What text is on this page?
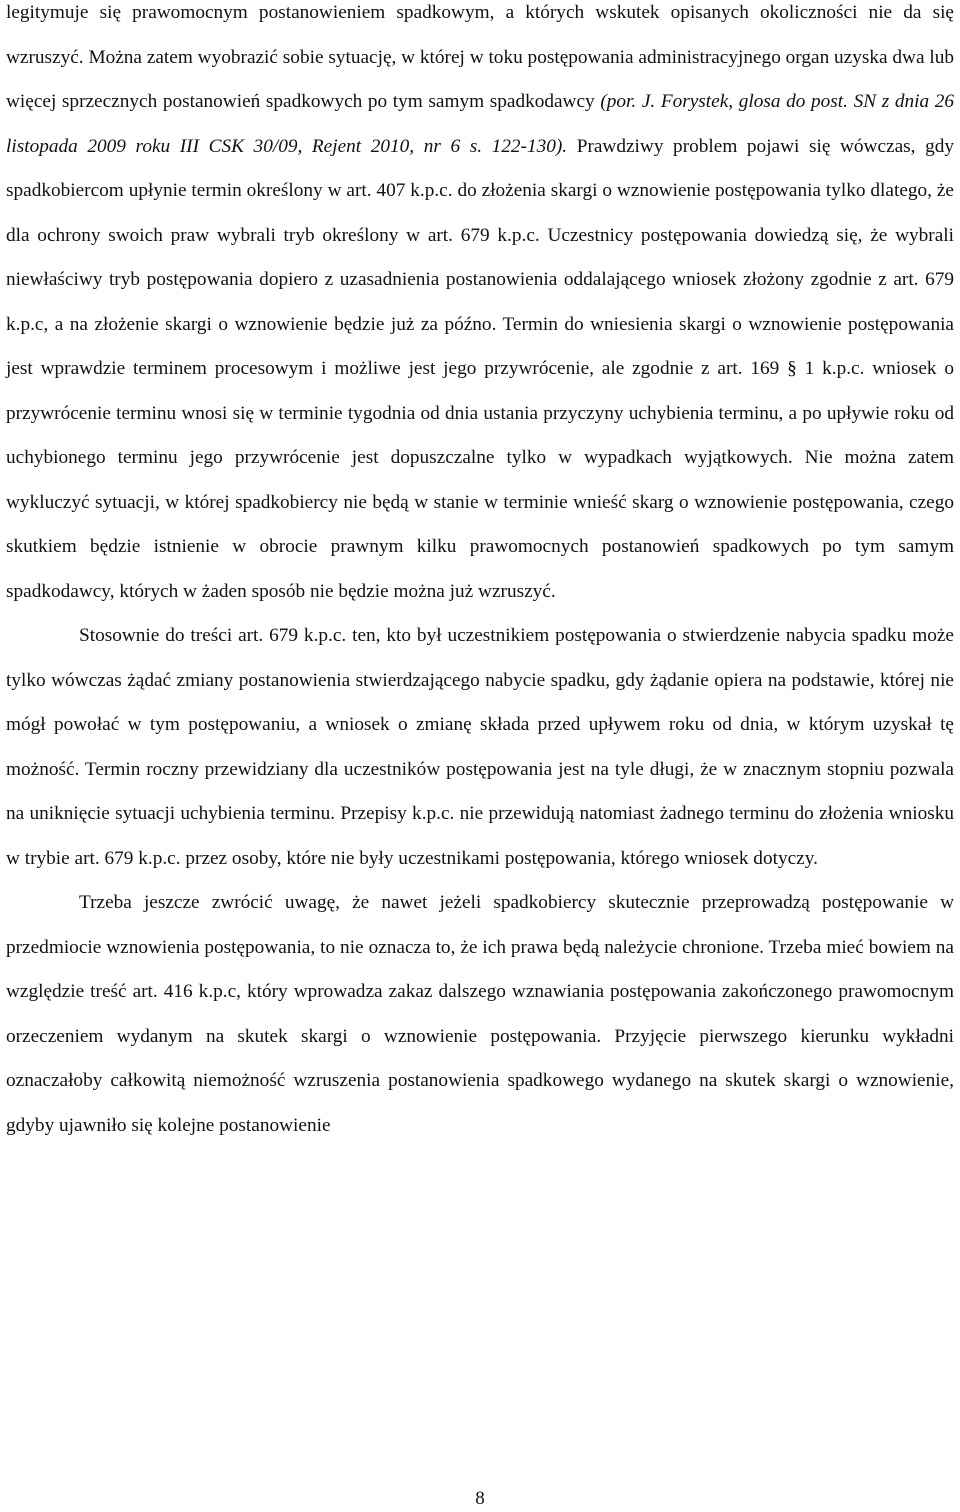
legitymuje się prawomocnym postanowieniem spadkowym, a których wskutek opisanych okoliczności nie da się wzruszyć. Można zatem wyobrazić sobie sytuację, w której w toku postępowania administracyjnego organ uzyska dwa lub więcej sprzecznych postanowień spadkowych po tym samym spadkodawcy (por. J. Forystek, glosa do post. SN z dnia 26 listopada 2009 roku III CSK 30/09, Rejent 2010, nr 6 s. 122-130). Prawdziwy problem pojawi się wówczas, gdy spadkobiercom upłynie termin określony w art. 407 k.p.c. do złożenia skargi o wznowienie postępowania tylko dlatego, że dla ochrony swoich praw wybrali tryb określony w art. 679 k.p.c. Uczestnicy postępowania dowiedzą się, że wybrali niewłaściwy tryb postępowania dopiero z uzasadnienia postanowienia oddalającego wniosek złożony zgodnie z art. 679 k.p.c, a na złożenie skargi o wznowienie będzie już za późno. Termin do wniesienia skargi o wznowienie postępowania jest wprawdzie terminem procesowym i możliwe jest jego przywrócenie, ale zgodnie z art. 169 § 1 k.p.c. wniosek o przywrócenie terminu wnosi się w terminie tygodnia od dnia ustania przyczyny uchybienia terminu, a po upływie roku od uchybionego terminu jego przywrócenie jest dopuszczalne tylko w wypadkach wyjątkowych. Nie można zatem wykluczyć sytuacji, w której spadkobiercy nie będą w stanie w terminie wnieść skarg o wznowienie postępowania, czego skutkiem będzie istnienie w obrocie prawnym kilku prawomocnych postanowień spadkowych po tym samym spadkodawcy, których w żaden sposób nie będzie można już wzruszyć.

Stosownie do treści art. 679 k.p.c. ten, kto był uczestnikiem postępowania o stwierdzenie nabycia spadku może tylko wówczas żądać zmiany postanowienia stwierdzającego nabycie spadku, gdy żądanie opiera na podstawie, której nie mógł powołać w tym postępowaniu, a wniosek o zmianę składa przed upływem roku od dnia, w którym uzyskał tę możność. Termin roczny przewidziany dla uczestników postępowania jest na tyle długi, że w znacznym stopniu pozwala na uniknięcie sytuacji uchybienia terminu. Przepisy k.p.c. nie przewidują natomiast żadnego terminu do złożenia wniosku w trybie art. 679 k.p.c. przez osoby, które nie były uczestnikami postępowania, którego wniosek dotyczy.

Trzeba jeszcze zwrócić uwagę, że nawet jeżeli spadkobiercy skutecznie przeprowadzą postępowanie w przedmiocie wznowienia postępowania, to nie oznacza to, że ich prawa będą należycie chronione. Trzeba mieć bowiem na względzie treść art. 416 k.p.c, który wprowadza zakaz dalszego wznawiania postępowania zakończonego prawomocnym orzeczeniem wydanym na skutek skargi o wznowienie postępowania. Przyjęcie pierwszego kierunku wykładni oznaczałoby całkowitą niemożność wzruszenia postanowienia spadkowego wydanego na skutek skargi o wznowienie, gdyby ujawniło się kolejne postanowienie

8
